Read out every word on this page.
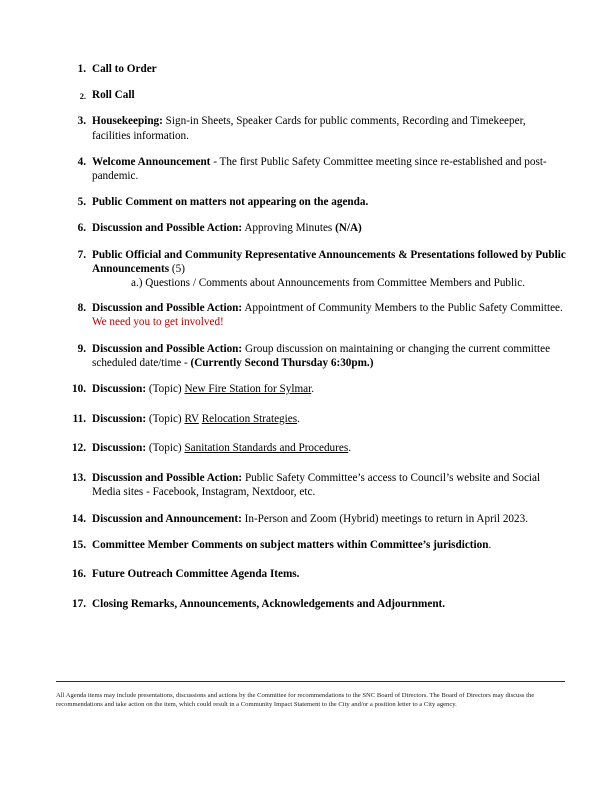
1. Call to Order
2. Roll Call
3. Housekeeping: Sign-in Sheets, Speaker Cards for public comments, Recording and Timekeeper, facilities information.
4. Welcome Announcement - The first Public Safety Committee meeting since re-established and post-pandemic.
5. Public Comment on matters not appearing on the agenda.
6. Discussion and Possible Action: Approving Minutes (N/A)
7. Public Official and Community Representative Announcements & Presentations followed by Public Announcements (5)
a.) Questions / Comments about Announcements from Committee Members and Public.
8. Discussion and Possible Action: Appointment of Community Members to the Public Safety Committee. We need you to get involved!
9. Discussion and Possible Action: Group discussion on maintaining or changing the current committee scheduled date/time - (Currently Second Thursday 6:30pm.)
10. Discussion: (Topic) New Fire Station for Sylmar.
11. Discussion: (Topic) RV Relocation Strategies.
12. Discussion: (Topic) Sanitation Standards and Procedures.
13. Discussion and Possible Action: Public Safety Committee’s access to Council’s website and Social Media sites - Facebook, Instagram, Nextdoor, etc.
14. Discussion and Announcement: In-Person and Zoom (Hybrid) meetings to return in April 2023.
15. Committee Member Comments on subject matters within Committee’s jurisdiction.
16. Future Outreach Committee Agenda Items.
17. Closing Remarks, Announcements, Acknowledgements and Adjournment.
All Agenda items may include presentations, discussions and actions by the Committee for recommendations to the SNC Board of Directors. The Board of Directors may discuss the recommendations and take action on the item, which could result in a Community Impact Statement to the City and/or a position letter to a City agency.
